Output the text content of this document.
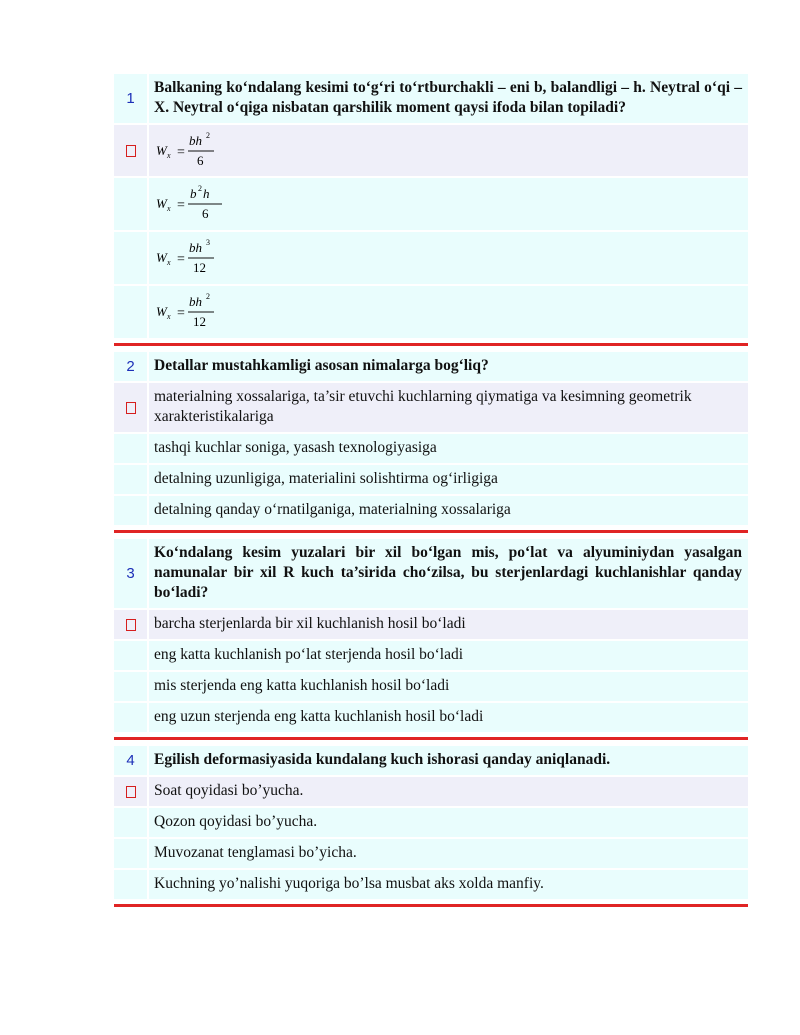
1
Balkaning ko‘ndalang kesimi to‘g‘ri to‘rtburchakli – eni b, balandligi – h. Neytral o‘qi – X. Neytral o‘qiga nisbatan qarshilik moment qaysi ifoda bilan topiladi?
W x =
bh 2
6
W x =
b 2 h
6
W x =
bh 3
12
W x =
bh 2
12
2	Detallar mustahkamligi asosan nimalarga bog‘liq?
materialning xossalariga, ta’sir etuvchi kuchlarning qiymatiga va kesimning geometrik xarakteristikalariga
tashqi kuchlar soniga, yasash texnologiyasiga
detalning uzunligiga, materialini solishtirma og‘irligiga
detalning qanday o‘rnatilganiga, materialning xossalariga
3
Ko‘ndalang kesim yuzalari bir xil bo‘lgan mis, po‘lat va alyuminiydan yasalgan namunalar bir xil R kuch ta’sirida cho‘zilsa, bu sterjenlardagi kuchlanishlar qanday bo‘ladi?
barcha sterjenlarda bir xil kuchlanish hosil bo‘ladi
eng katta kuchlanish po‘lat sterjenda hosil bo‘ladi
mis sterjenda eng katta kuchlanish hosil bo‘ladi
eng uzun sterjenda eng katta kuchlanish hosil bo‘ladi
4	Egilish deformasiyasida kundalang kuch ishorasi qanday aniqlanadi.
Soat qoyidasi bo’yucha.
Qozon qoyidasi bo’yucha.
Muvozanat tenglamasi bo’yicha.
Kuchning yo’nalishi yuqoriga bo’lsa musbat aks xolda manfiy.
